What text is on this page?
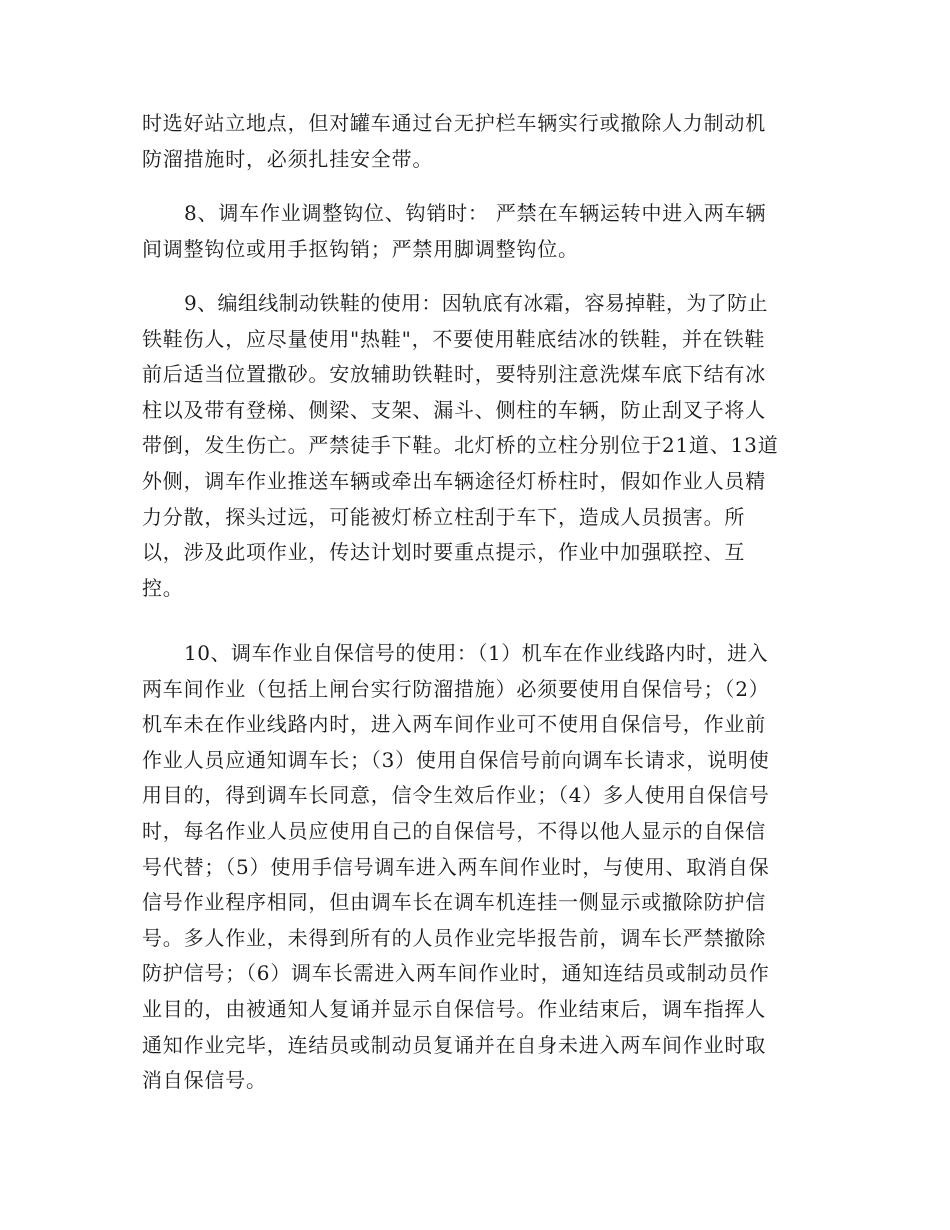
时选好站立地点，但对罐车通过台无护栏车辆实行或撤除人力制动机
防溜措施时，必须扎挂安全带。

8、调车作业调整钩位、钩销时： 严禁在车辆运转中进入两车辆
间调整钩位或用手抠钩销；严禁用脚调整钩位。

9、编组线制动铁鞋的使用：因轨底有冰霜，容易掉鞋，为了防止
铁鞋伤人，应尽量使用"热鞋"，不要使用鞋底结冰的铁鞋，并在铁鞋
前后适当位置撒砂。安放辅助铁鞋时，要特别注意洗煤车底下结有冰
柱以及带有登梯、侧梁、支架、漏斗、侧柱的车辆，防止刮叉子将人
带倒，发生伤亡。严禁徒手下鞋。北灯桥的立柱分别位于21道、13道
外侧，调车作业推送车辆或牵出车辆途径灯桥柱时，假如作业人员精
力分散，探头过远，可能被灯桥立柱刮于车下，造成人员损害。所
以，涉及此项作业，传达计划时要重点提示，作业中加强联控、互
控。

10、调车作业自保信号的使用：（1）机车在作业线路内时，进入
两车间作业（包括上闸台实行防溜措施）必须要使用自保信号；（2）
机车未在作业线路内时，进入两车间作业可不使用自保信号，作业前
作业人员应通知调车长；（3）使用自保信号前向调车长请求，说明使
用目的，得到调车长同意，信令生效后作业；（4）多人使用自保信号
时，每名作业人员应使用自己的自保信号，不得以他人显示的自保信
号代替；（5）使用手信号调车进入两车间作业时，与使用、取消自保
信号作业程序相同，但由调车长在调车机连挂一侧显示或撤除防护信
号。多人作业，未得到所有的人员作业完毕报告前，调车长严禁撤除
防护信号；（6）调车长需进入两车间作业时，通知连结员或制动员作
业目的，由被通知人复诵并显示自保信号。作业结束后，调车指挥人
通知作业完毕，连结员或制动员复诵并在自身未进入两车间作业时取
消自保信号。
